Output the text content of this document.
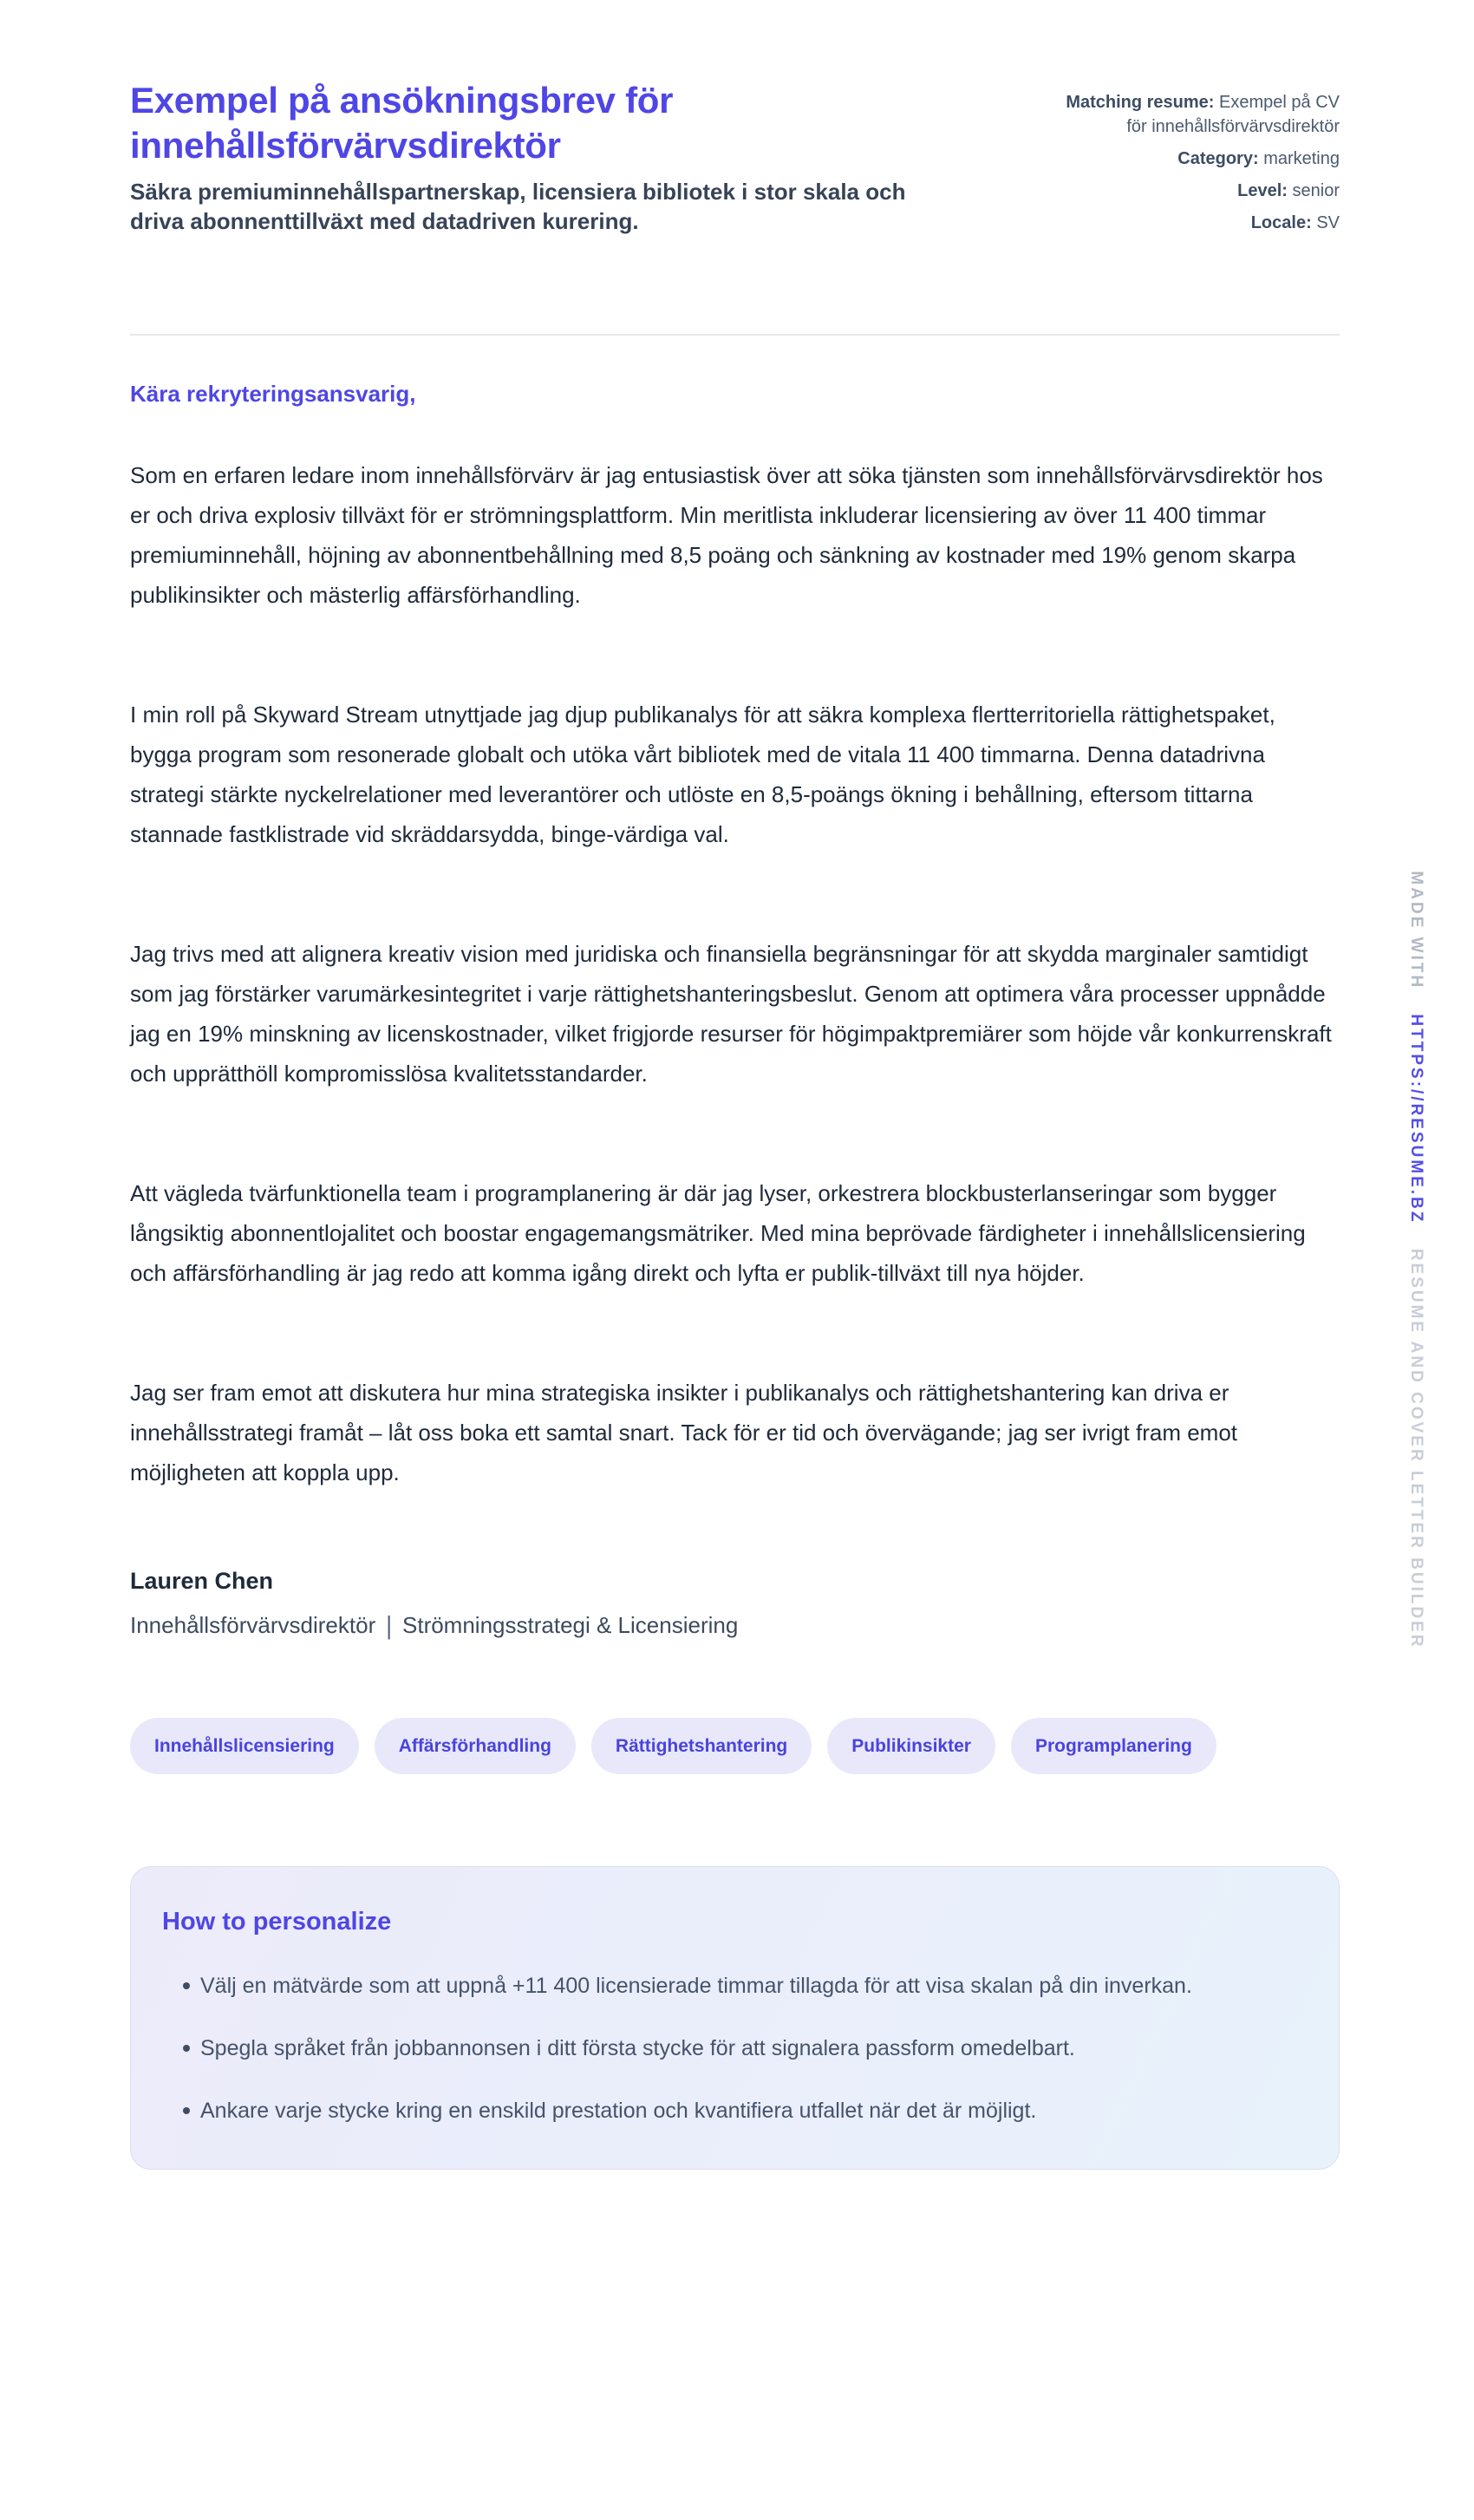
MADE WITH HTTPS://RESUME.BZ RESUME AND COVER LETTER BUILDER
Exempel på ansökningsbrev för innehållsförvärvsdirektör

Säkra premiuminnehållspartnerskap, licensiera bibliotek i stor skala och driva abonnenttillväxt med datadriven kurering.

Matching resume: Exempel på CV för innehållsförvärvsdirektör
Category: marketing
Level: senior
Locale: SV

Kära rekryteringsansvarig,

Som en erfaren ledare inom innehållsförvärv är jag entusiastisk över att söka tjänsten som innehållsförvärvsdirektör hos er och driva explosiv tillväxt för er strömningsplattform. Min meritlista inkluderar licensiering av över 11 400 timmar premiuminnehåll, höjning av abonnentbehållning med 8,5 poäng och sänkning av kostnader med 19% genom skarpa publikinsikter och mästerlig affärsförhandling.

I min roll på Skyward Stream utnyttjade jag djup publikanalys för att säkra komplexa flertterritoriella rättighetspaket, bygga program som resonerade globalt och utöka vårt bibliotek med de vitala 11 400 timmarna. Denna datadrivna strategi stärkte nyckelrelationer med leverantörer och utlöste en 8,5-poängs ökning i behållning, eftersom tittarna stannade fastklistrade vid skräddarsydda, binge-värdiga val.

Jag trivs med att alignera kreativ vision med juridiska och finansiella begränsningar för att skydda marginaler samtidigt som jag förstärker varumärkesintegritet i varje rättighetshanteringsbeslut. Genom att optimera våra processer uppnådde jag en 19% minskning av licenskostnader, vilket frigjorde resurser för högimpaktpremiärer som höjde vår konkurrenskraft och upprätthöll kompromisslösa kvalitetsstandarder.

Att vägleda tvärfunktionella team i programplanering är där jag lyser, orkestrera blockbusterlanseringar som bygger långsiktig abonnentlojalitet och boostar engagemangsmätriker. Med mina beprövade färdigheter i innehållslicensiering och affärsförhandling är jag redo att komma igång direkt och lyfta er publik-tillväxt till nya höjder.

Jag ser fram emot att diskutera hur mina strategiska insikter i publikanalys och rättighetshantering kan driva er innehållsstrategi framåt – låt oss boka ett samtal snart. Tack för er tid och övervägande; jag ser ivrigt fram emot möjligheten att koppla upp.

Lauren Chen
Innehållsförvärvsdirektör | Strömningsstrategi & Licensiering
Innehållslicensiering	Affärsförhandling	Rättighetshantering	Publikinsikter	Programplanering
How to personalize
Välj en mätvärde som att uppnå +11 400 licensierade timmar tillagda för att visa skalan på din inverkan.
Spegla språket från jobbannonsen i ditt första stycke för att signalera passform omedelbart.
Ankare varje stycke kring en enskild prestation och kvantifiera utfallet när det är möjligt.
